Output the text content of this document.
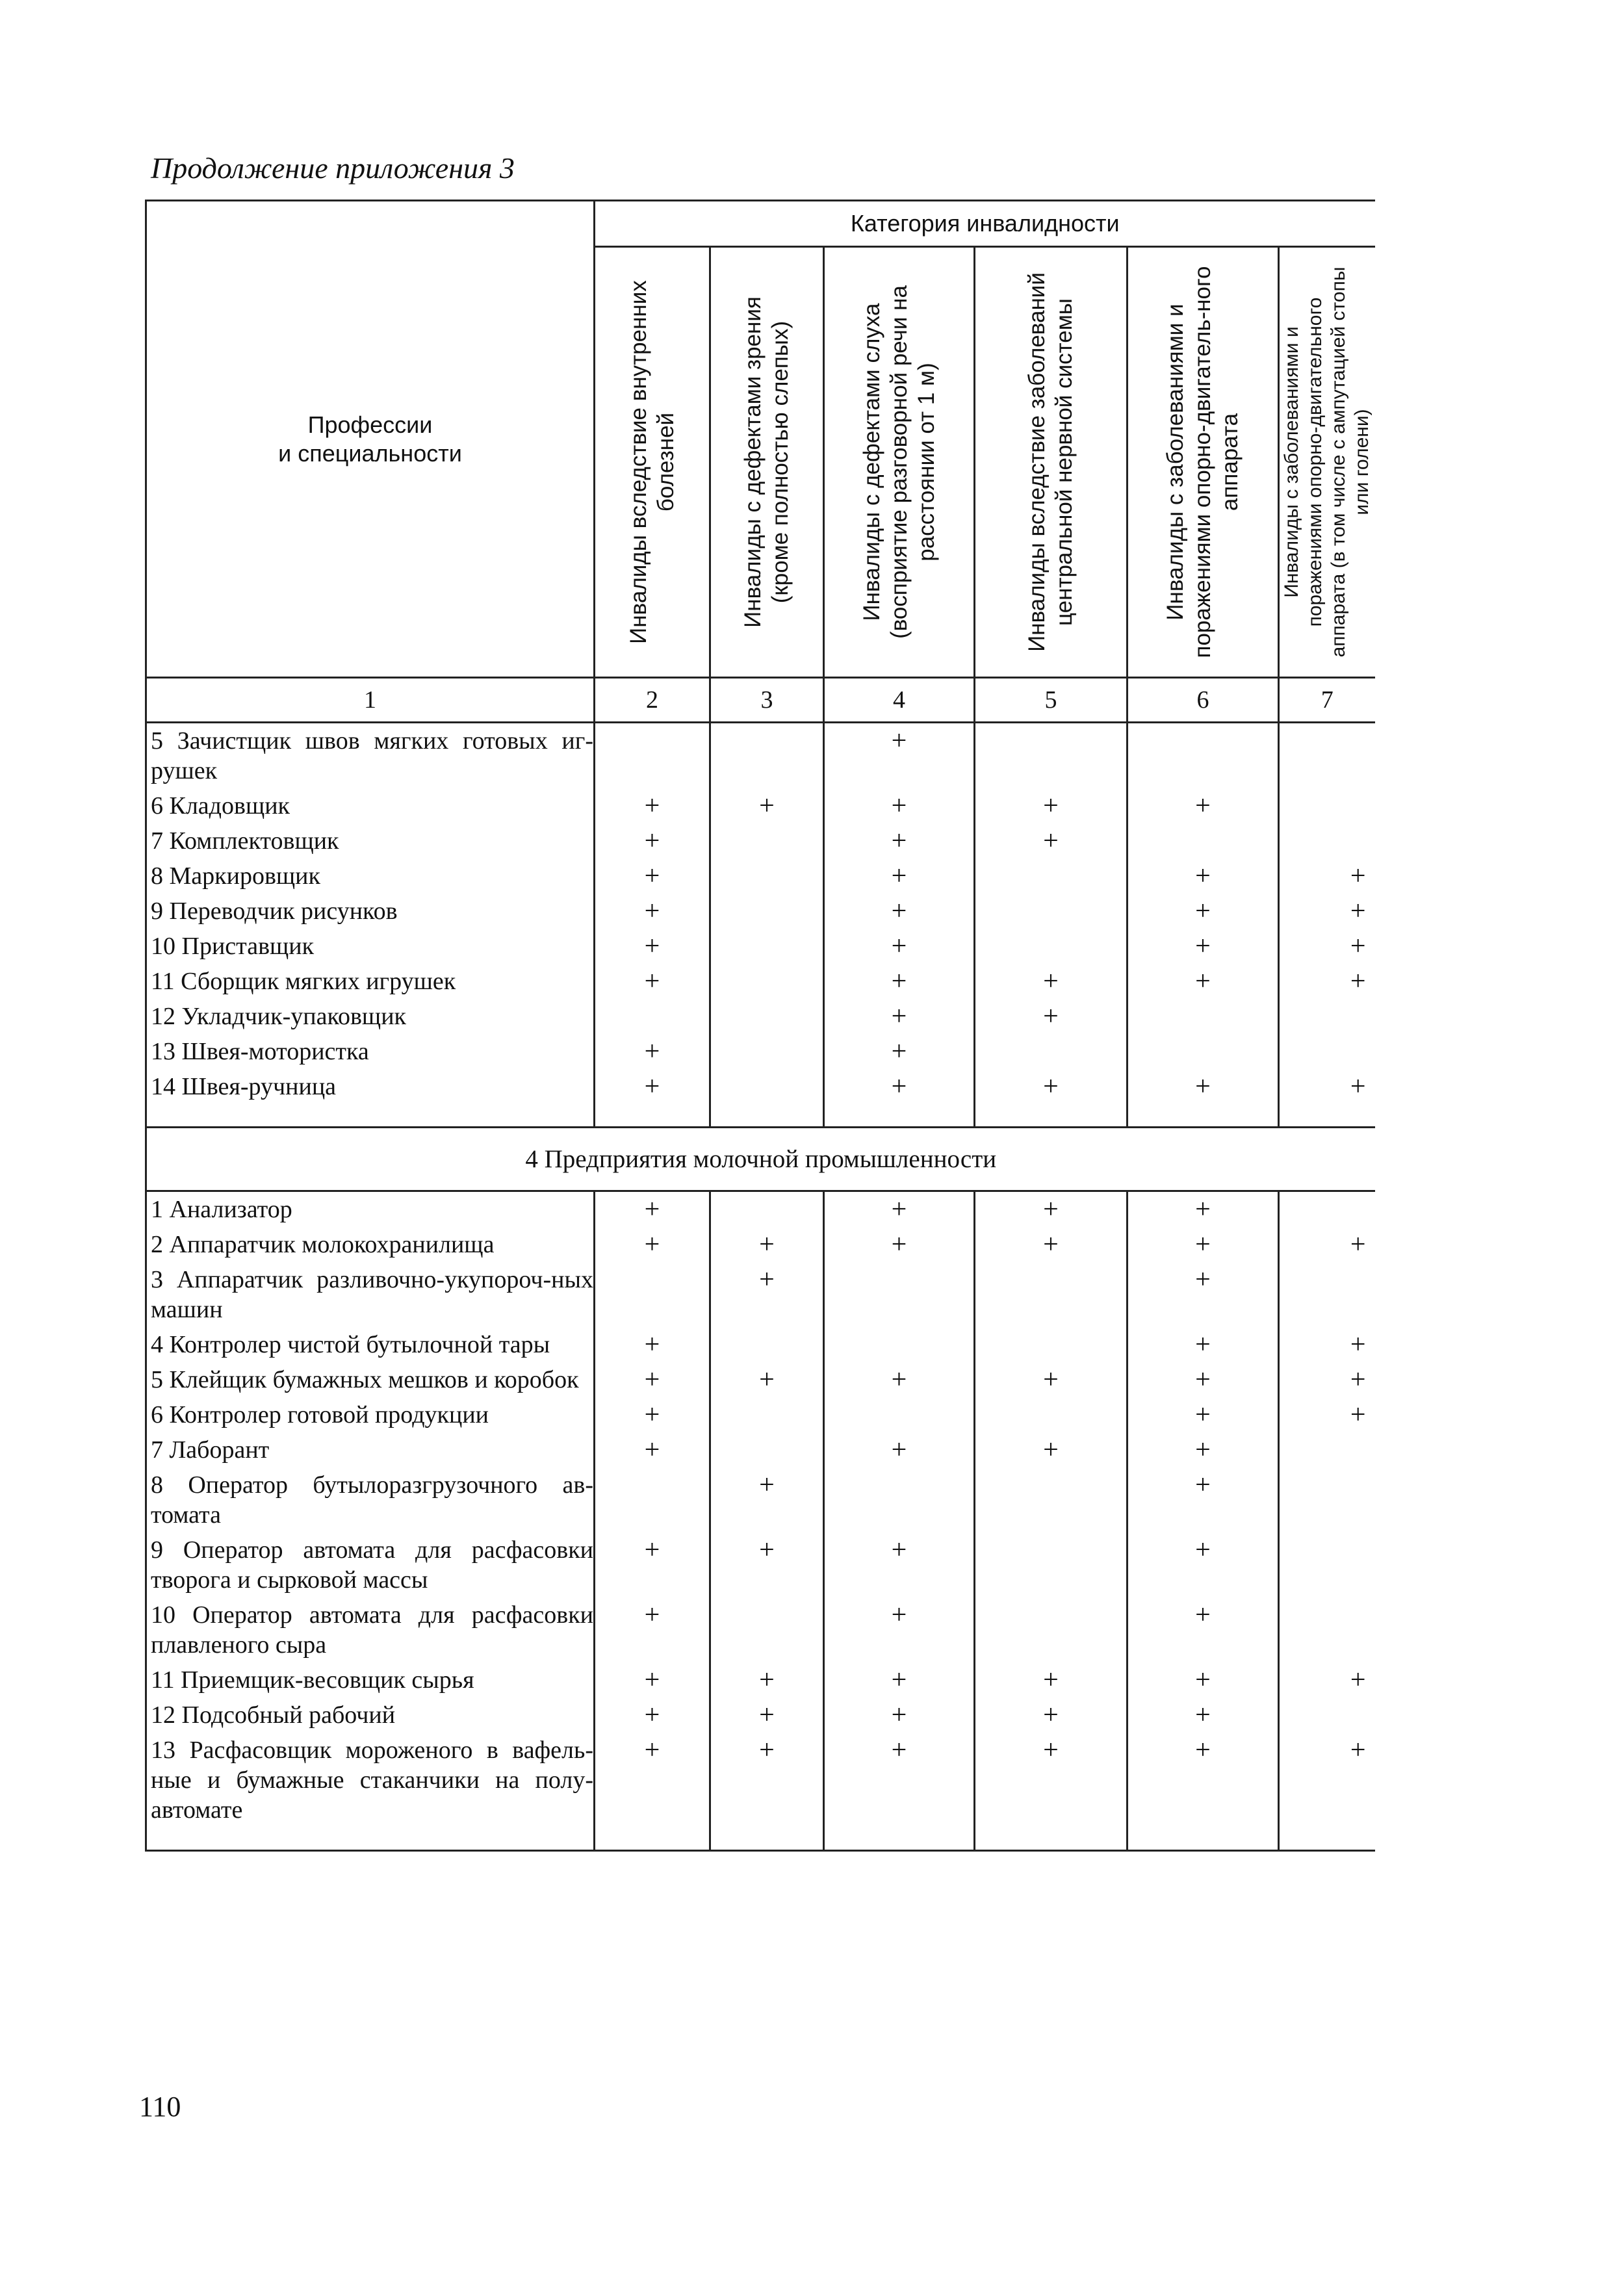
Продолжение приложения 3
Профессии
и специальности	Категория инвалидности					

	Инвалиды вследствие внутренних болезней	Инвалиды с дефектами зрения (кроме полностью слепых)	Инвалиды с дефектами слуха (восприятие разговорной речи на расстоянии от 1 м)	Инвалиды вследствие заболеваний центральной нервной системы	Инвалиды с заболеваниями и поражениями опорно-двигатель-ного аппарата	Инвалиды с заболеваниями и поражениями опорно-двигательного аппарата (в том числе с ампутацией стопы или голени)

1	2	3	4	5	6	7
5 Зачистщик швов мягких готовых иг-рушек			+			
6 Кладовщик	+	+	+	+	+	
7 Комплектовщик	+		+	+		
8 Маркировщик	+		+		+	+
9 Переводчик рисунков	+		+		+	+
10 Приставщик	+		+		+	+
11 Сборщик мягких игрушек	+		+	+	+	+
12 Укладчик-упаковщик			+	+		
13 Швея-мотористка	+		+			
14 Швея-ручница	+		+	+	+	+

4 Предприятия молочной промышленности						
1 Анализатор	+		+	+	+	
2 Аппаратчик молокохранилища	+	+	+	+	+	+
3 Аппаратчик разливочно-укупороч-ных машин		+			+	
4 Контролер чистой бутылочной тары	+				+	+
5 Клейщик бумажных мешков и коробок	+	+	+	+	+	+
6 Контролер готовой продукции	+				+	+
7 Лаборант	+		+	+	+	
8 Оператор бутылоразгрузочного ав-томата		+			+	
9 Оператор автомата для расфасовки творога и сырковой массы	+	+	+		+	
10 Оператор автомата для расфасовки плавленого сыра	+		+		+	
11 Приемщик-весовщик сырья	+	+	+	+	+	+
12 Подсобный рабочий	+	+	+	+	+	
13 Расфасовщик мороженого в вафель-ные и бумажные стаканчики на полу-автомате	+	+	+	+	+	+

110
